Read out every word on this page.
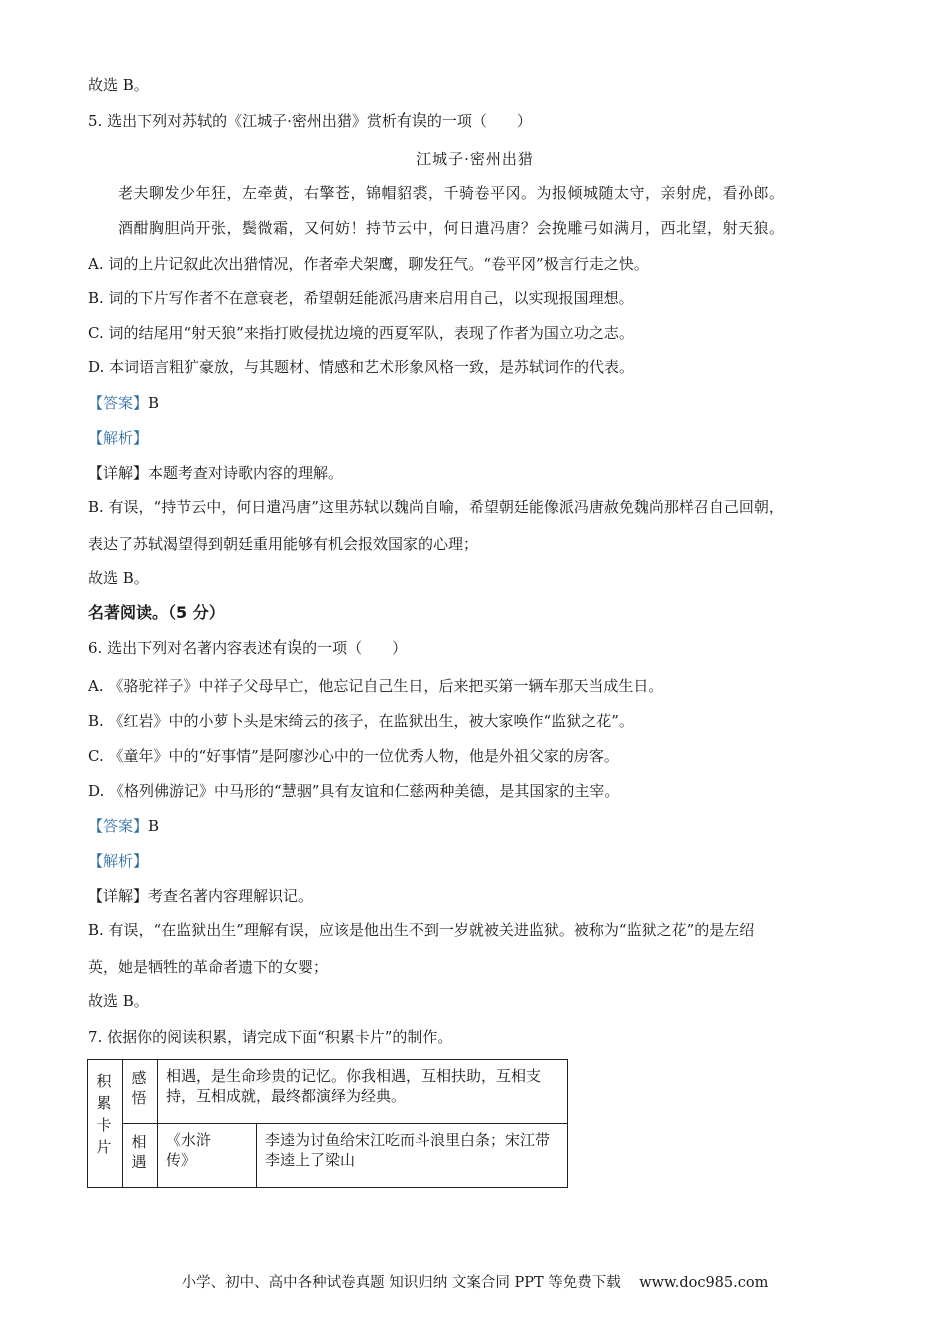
故选 B。
5. 选出下列对苏轼的《江城子·密州出猎》赏析有误的一项（　　）
江城子·密州出猎
老夫聊发少年狂，左牵黄，右擎苍，锦帽貂裘，千骑卷平冈。为报倾城随太守，亲射虎，看孙郎。
酒酣胸胆尚开张，鬓微霜，又何妨！持节云中，何日遣冯唐？会挽雕弓如满月，西北望，射天狼。
A. 词的上片记叙此次出猎情况，作者牵犬架鹰，聊发狂气。“卷平冈”极言行走之快。
B. 词的下片写作者不在意衰老，希望朝廷能派冯唐来启用自己，以实现报国理想。
C. 词的结尾用“射天狼”来指打败侵扰边境的西夏军队，表现了作者为国立功之志。
D. 本词语言粗犷豪放，与其题材、情感和艺术形象风格一致，是苏轼词作的代表。
【答案】B
【解析】
【详解】本题考查对诗歌内容的理解。
B. 有误，“持节云中，何日遣冯唐”这里苏轼以魏尚自喻，希望朝廷能像派冯唐赦免魏尚那样召自己回朝，
表达了苏轼渴望得到朝廷重用能够有机会报效国家的心理；
故选 B。
名著阅读。（5 分）
6. 选出下列对名著内容表述有误的一项（　　）
A. 《骆驼祥子》中祥子父母早亡，他忘记自己生日，后来把买第一辆车那天当成生日。
B. 《红岩》中的小萝卜头是宋绮云的孩子，在监狱出生，被大家唤作“监狱之花”。
C. 《童年》中的“好事情”是阿廖沙心中的一位优秀人物，他是外祖父家的房客。
D. 《格列佛游记》中马形的“慧骃”具有友谊和仁慈两种美德，是其国家的主宰。
【答案】B
【解析】
【详解】考查名著内容理解识记。
B. 有误，“在监狱出生”理解有误，应该是他出生不到一岁就被关进监狱。被称为“监狱之花”的是左绍
英，她是牺牲的革命者遗下的女婴；
故选 B。
7. 依据你的阅读积累，请完成下面“积累卡片”的制作。
积累卡片	感悟	相遇，是生命珍贵的记忆。你我相遇，互相扶助，互相支持，互相成就，最终都演绎为经典。	

	相遇	《水浒传》	李逵为讨鱼给宋江吃而斗浪里白条；宋江带李逵上了梁山
小学、初中、高中各种试卷真题 知识归纳 文案合同 PPT 等免费下载 www.doc985.com
